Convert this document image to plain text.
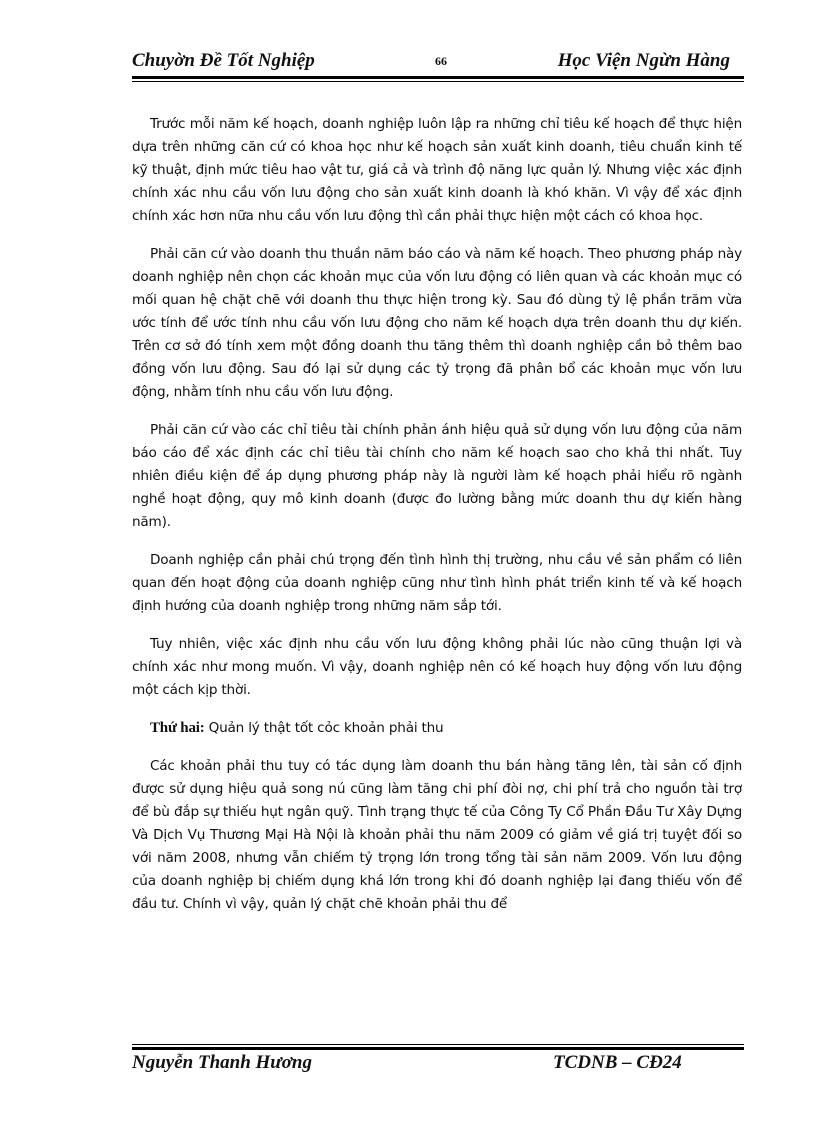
Chuyờn Đề Tốt Nghiệp	66	Học Viện Ngừn Hàng

Trước mỗi năm kế hoạch, doanh nghiệp luôn lập ra những chỉ tiêu kế hoạch để thực hiện dựa trên những căn cứ có khoa học như kế hoạch sản xuất kinh doanh, tiêu chuẩn kinh tế kỹ thuật, định mức tiêu hao vật tư, giá cả và trình độ năng lực quản lý. Nhưng việc xác định chính xác nhu cầu vốn lưu động cho sản xuất kinh doanh là khó khăn. Vì vậy để xác định chính xác hơn nữa nhu cầu vốn lưu động thì cần phải thực hiện một cách có khoa học.

Phải căn cứ vào doanh thu thuần năm báo cáo và năm kế hoạch. Theo phương pháp này doanh nghiệp nên chọn các khoản mục của vốn lưu động có liên quan và các khoản mục có mối quan hệ chặt chẽ với doanh thu thực hiện trong kỳ. Sau đó dùng tỷ lệ phần trăm vừa ước tính để ước tính nhu cầu vốn lưu động cho năm kế hoạch dựa trên doanh thu dự kiến. Trên cơ sở đó tính xem một đồng doanh thu tăng thêm thì doanh nghiệp cần bỏ thêm bao đồng vốn lưu động. Sau đó lại sử dụng các tỷ trọng đã phân bổ các khoản mục vốn lưu động, nhằm tính nhu cầu vốn lưu động.

Phải căn cứ vào các chỉ tiêu tài chính phản ánh hiệu quả sử dụng vốn lưu động của năm báo cáo để xác định các chỉ tiêu tài chính cho năm kế hoạch sao cho khả thi nhất. Tuy nhiên điều kiện để áp dụng phương pháp này là người làm kế hoạch phải hiểu rõ ngành nghề hoạt động, quy mô kinh doanh (được đo lường bằng mức doanh thu dự kiến hàng năm).

Doanh nghiệp cần phải chú trọng đến tình hình thị trường, nhu cầu về sản phẩm có liên quan đến hoạt động của doanh nghiệp cũng như tình hình phát triển kinh tế và kế hoạch định hướng của doanh nghiệp trong những năm sắp tới.

Tuy nhiên, việc xác định nhu cầu vốn lưu động không phải lúc nào cũng thuận lợi và chính xác như mong muốn. Vì vậy, doanh nghiệp nên có kế hoạch huy động vốn lưu động một cách kịp thời.

Thứ hai: Quản lý thật tốt cỏc khoản phải thu

Các khoản phải thu tuy có tác dụng làm doanh thu bán hàng tăng lên, tài sản cố định được sử dụng hiệu quả song nú cũng làm tăng chi phí đòi nợ, chi phí trả cho nguồn tài trợ để bù đắp sự thiếu hụt ngân quỹ. Tình trạng thực tế của Công Ty Cổ Phần Đầu Tư Xây Dựng Và Dịch Vụ Thương Mại Hà Nội là khoản phải thu năm 2009 có giảm về giá trị tuyệt đối so với năm 2008, nhưng vẫn chiếm tỷ trọng lớn trong tổng tài sản năm 2009. Vốn lưu động của doanh nghiệp bị chiếm dụng khá lớn trong khi đó doanh nghiệp lại đang thiếu vốn để đầu tư. Chính vì vậy, quản lý chặt chẽ khoản phải thu để

Nguyễn Thanh Hương	TCDNB – CĐ24
